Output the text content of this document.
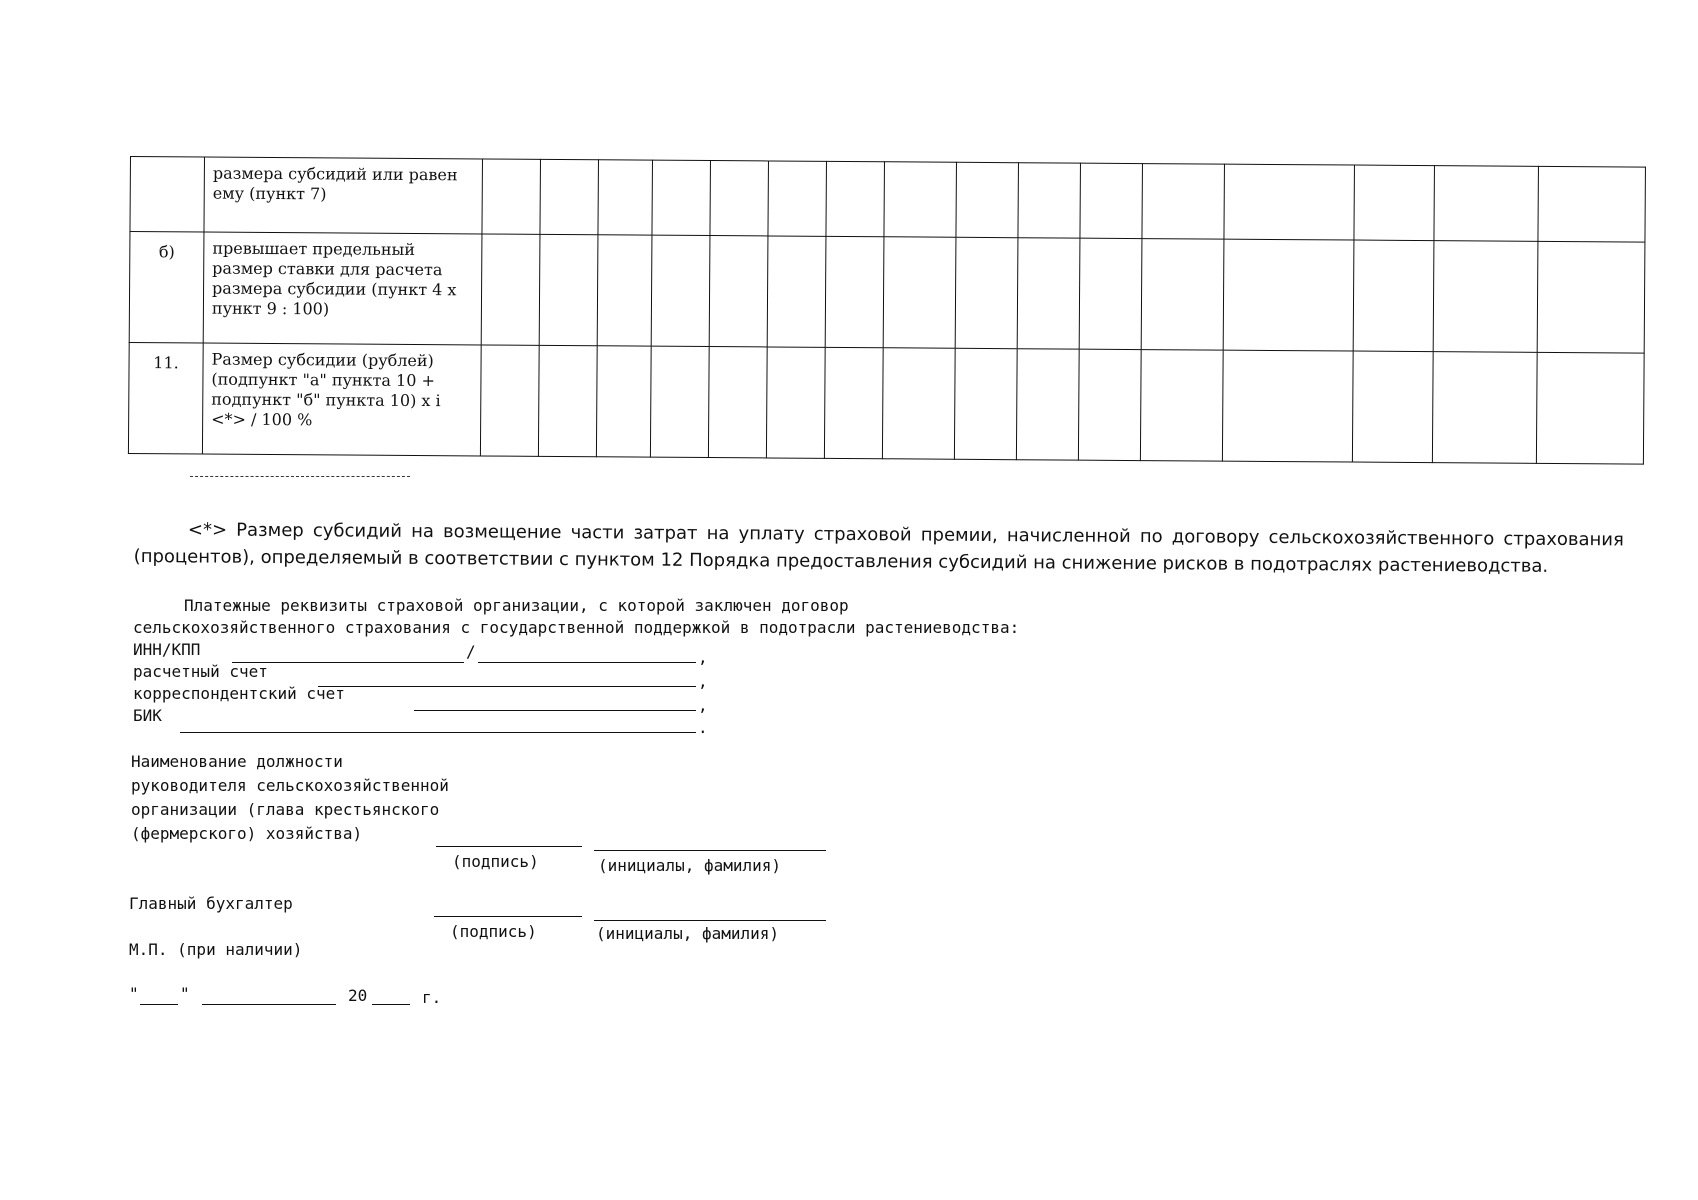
	размера субсидий или равен ему (пункт 7)																
б)	превышает предельный размер ставки для расчета размера субсидии (пункт 4 х пункт 9 : 100)																
11.	Размер субсидии (рублей) (подпункт "а" пункта 10 + подпункт "б" пункта 10) х i <*> / 100 %																
<*> Размер субсидий на возмещение части затрат на уплату страховой премии, начисленной по договору сельскохозяйственного страхования (процентов), определяемый в соответствии с пунктом 12 Порядка предоставления субсидий на снижение рисков в подотраслях растениеводства.
Платежные реквизиты страховой организации, с которой заключен договор
сельскохозяйственного страхования с государственной поддержкой в подотрасли растениеводства:
ИНН/КПП	/	,
расчетный счет
,
корреспондентский счет
,
БИК
.
Наименование должности
руководителя сельскохозяйственной
организации (глава крестьянского
(фермерского) хозяйства)
(подпись)	(инициалы, фамилия)
Главный бухгалтер
(подпись)	(инициалы, фамилия)
М.П. (при наличии)
"	"	20	г.
